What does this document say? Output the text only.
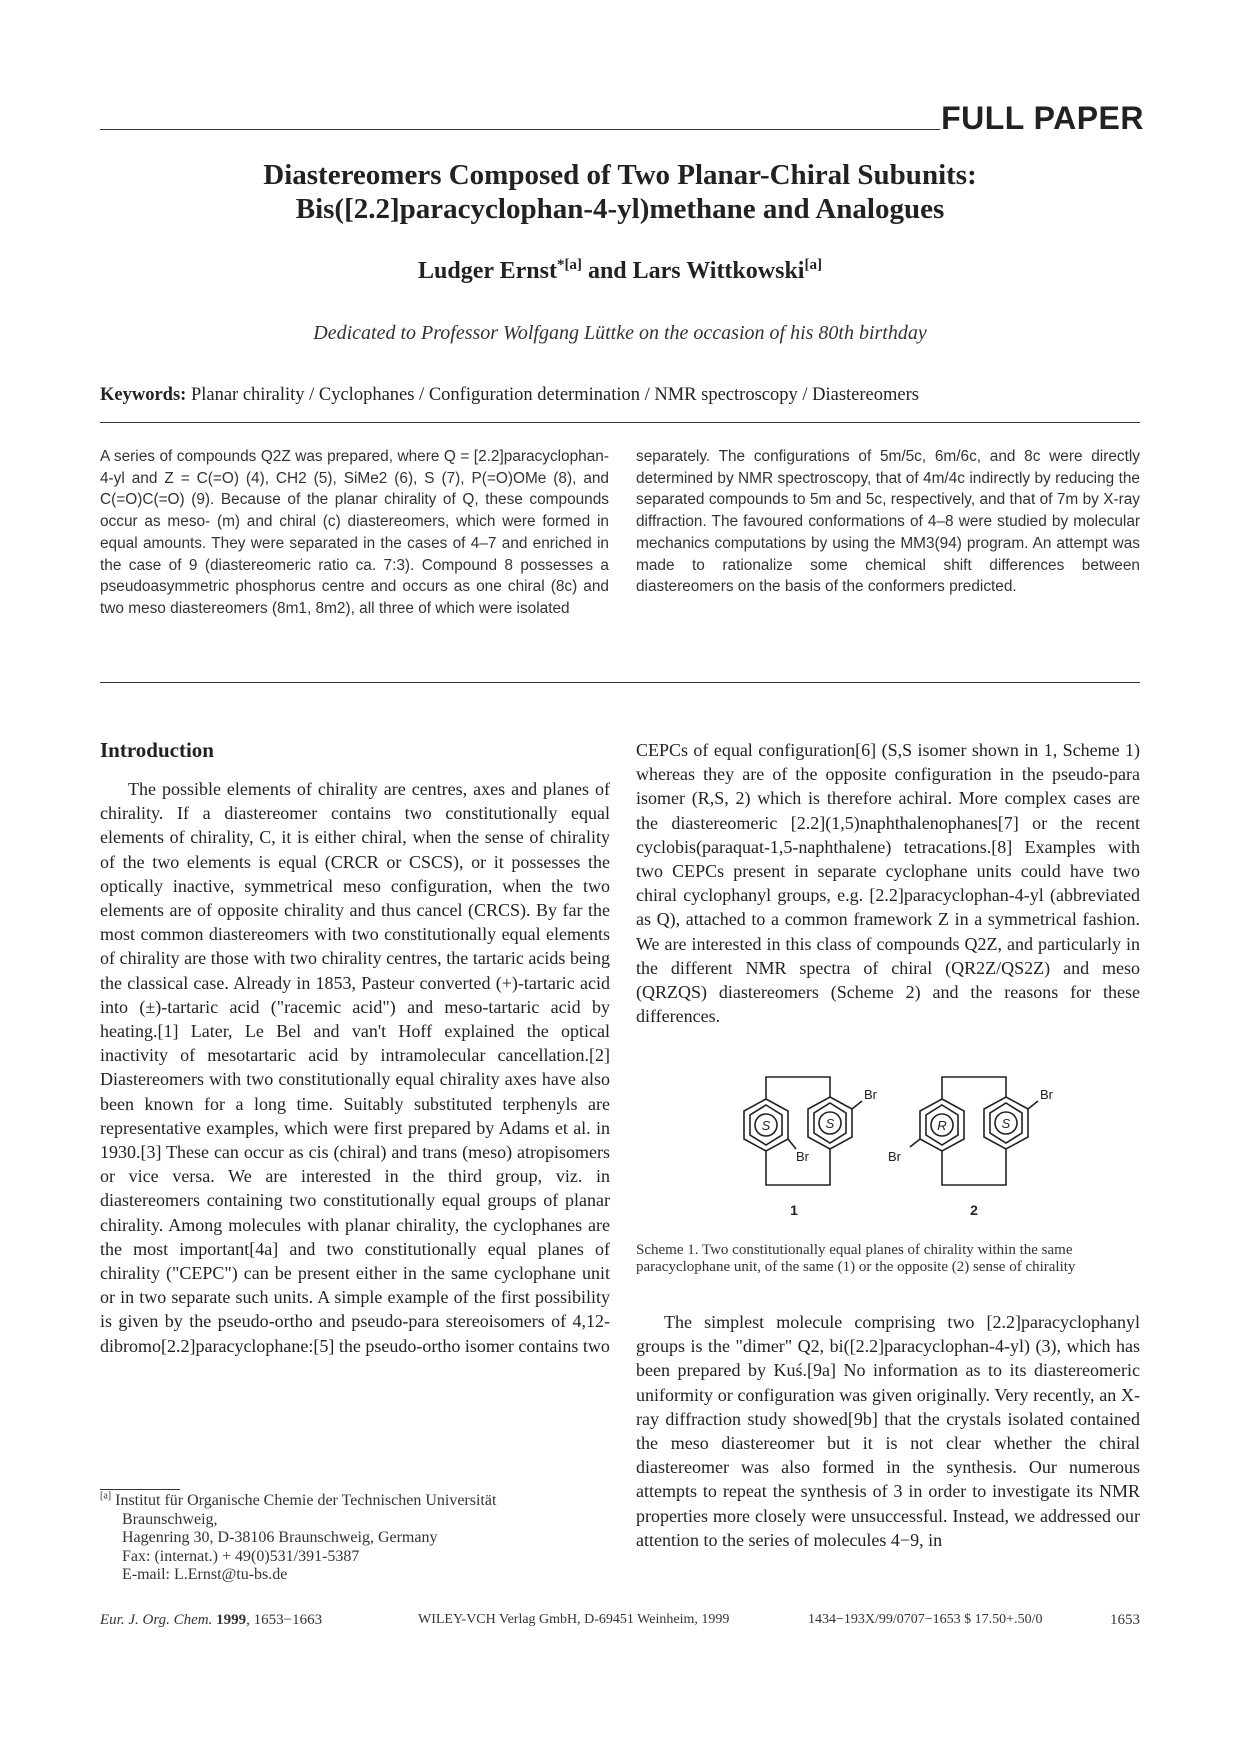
FULL PAPER
Diastereomers Composed of Two Planar-Chiral Subunits:
Bis([2.2]paracyclophan-4-yl)methane and Analogues
Ludger Ernst$^{*[a]}$ and Lars Wittkowski[a]
Dedicated to Professor Wolfgang Lüttke on the occasion of his 80th birthday
Keywords: Planar chirality / Cyclophanes / Configuration determination / NMR spectroscopy / Diastereomers
A series of compounds Q2Z was prepared, where Q = [2.2]paracyclophan-4-yl and Z = C(=O) (4), CH2 (5), SiMe2 (6), S (7), P(=O)OMe (8), and C(=O)C(=O) (9). Because of the planar chirality of Q, these compounds occur as meso- (m) and chiral (c) diastereomers, which were formed in equal amounts. They were separated in the cases of 4–7 and enriched in the case of 9 (diastereomeric ratio ca. 7:3). Compound 8 possesses a pseudoasymmetric phosphorus centre and occurs as one chiral (8c) and two meso diastereomers (8m1, 8m2), all three of which were isolated
separately. The configurations of 5m/5c, 6m/6c, and 8c were directly determined by NMR spectroscopy, that of 4m/4c indirectly by reducing the separated compounds to 5m and 5c, respectively, and that of 7m by X-ray diffraction. The favoured conformations of 4–8 were studied by molecular mechanics computations by using the MM3(94) program. An attempt was made to rationalize some chemical shift differences between diastereomers on the basis of the conformers predicted.
Introduction

The possible elements of chirality are centres, axes and planes of chirality. If a diastereomer contains two constitutionally equal elements of chirality, C, it is either chiral, when the sense of chirality of the two elements is equal (CRCR or CSCS), or it possesses the optically inactive, symmetrical meso configuration, when the two elements are of opposite chirality and thus cancel (CRCS). By far the most common diastereomers with two constitutionally equal elements of chirality are those with two chirality centres, the tartaric acids being the classical case. Already in 1853, Pasteur converted (+)-tartaric acid into (±)-tartaric acid ("racemic acid") and meso-tartaric acid by heating.[1] Later, Le Bel and van't Hoff explained the optical inactivity of mesotartaric acid by intramolecular cancellation.[2] Diastereomers with two constitutionally equal chirality axes have also been known for a long time. Suitably substituted terphenyls are representative examples, which were first prepared by Adams et al. in 1930.[3] These can occur as cis (chiral) and trans (meso) atropisomers or vice versa. We are interested in the third group, viz. in diastereomers containing two constitutionally equal groups of planar chirality. Among molecules with planar chirality, the cyclophanes are the most important[4a] and two constitutionally equal planes of chirality ("CEPC") can be present either in the same cyclophane unit or in two separate such units. A simple example of the first possibility is given by the pseudo-ortho and pseudo-para stereoisomers of 4,12-dibromo[2.2]paracyclophane:[5] the pseudo-ortho isomer contains two

CEPCs of equal configuration[6] (S,S isomer shown in 1, Scheme 1) whereas they are of the opposite configuration in the pseudo-para isomer (R,S, 2) which is therefore achiral. More complex cases are the diastereomeric [2.2](1,5)naphthalenophanes[7] or the recent cyclobis(paraquat-1,5-naphthalene) tetracations.[8] Examples with two CEPCs present in separate cyclophane units could have two chiral cyclophanyl groups, e.g. [2.2]paracyclophan-4-yl (abbreviated as Q), attached to a common framework Z in a symmetrical fashion. We are interested in this class of compounds Q2Z, and particularly in the different NMR spectra of chiral (QR2Z/QS2Z) and meso (QRZQS) diastereomers (Scheme 2) and the reasons for these differences.

S	S	R	S
Br
Br
Br
Br
1	2
Scheme 1. Two constitutionally equal planes of chirality within the same paracyclophane unit, of the same (1) or the opposite (2) sense of chirality

The simplest molecule comprising two [2.2]paracyclophanyl groups is the "dimer" Q2, bi([2.2]paracyclophan-4-yl) (3), which has been prepared by Kuś.[9a] No information as to its diastereomeric uniformity or configuration was given originally. Very recently, an X-ray diffraction study showed[9b] that the crystals isolated contained the meso diastereomer but it is not clear whether the chiral diastereomer was also formed in the synthesis. Our numerous attempts to repeat the synthesis of 3 in order to investigate its NMR properties more closely were unsuccessful. Instead, we addressed our attention to the series of molecules 4−9, in

[a] Institut für Organische Chemie der Technischen Universität
Braunschweig,
Hagenring 30, D-38106 Braunschweig, Germany
Fax: (internat.) + 49(0)531/391-5387
E-mail: L.Ernst@tu-bs.de
Eur. J. Org. Chem. 1999, 1653−1663	WILEY-VCH Verlag GmbH, D-69451 Weinheim, 1999	1434−193X/99/0707−1653 $ 17.50+.50/0	1653
